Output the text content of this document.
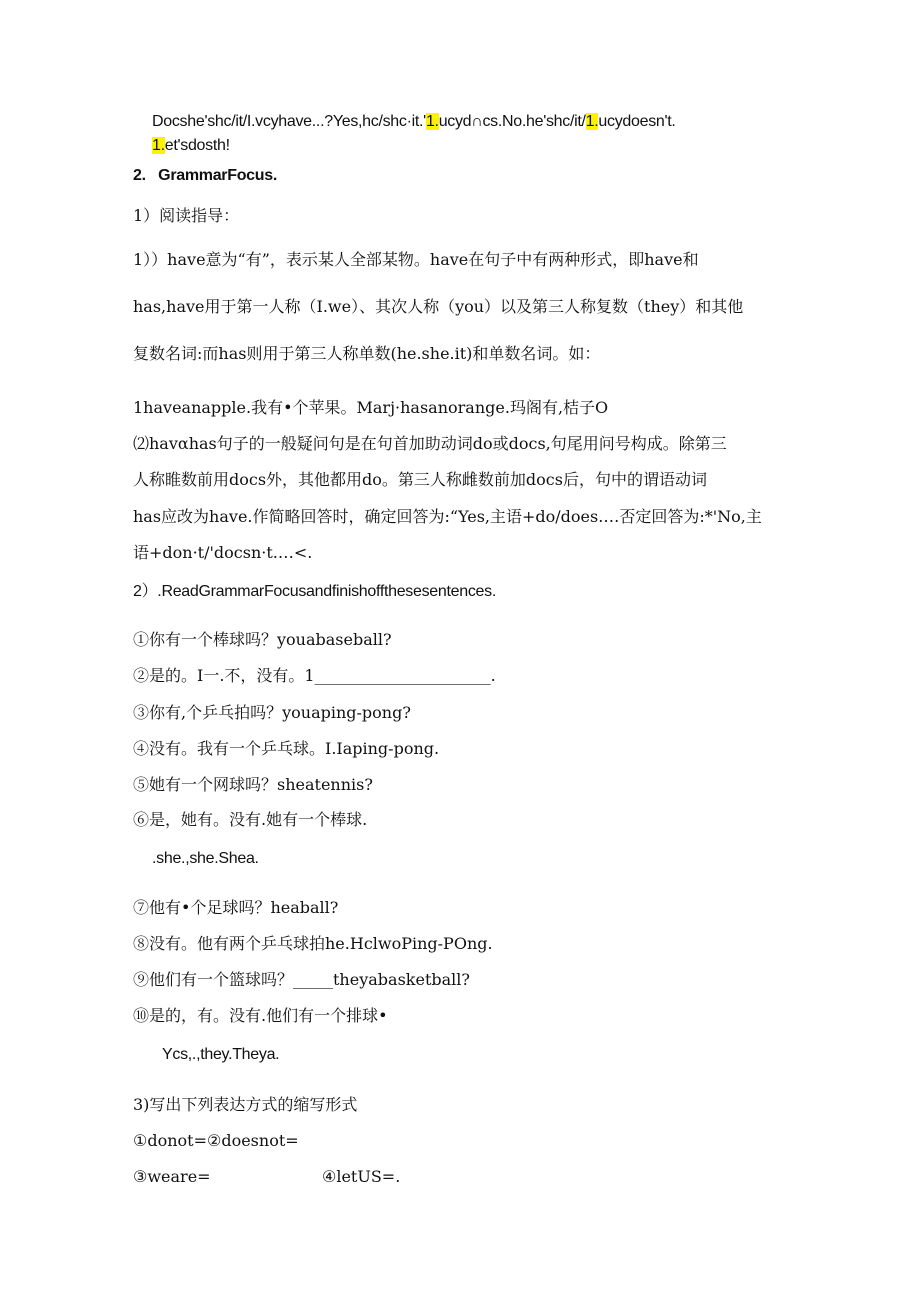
Docshe'shc/it/I.vcyhave...?Yes,hc/shc·it.'1.ucyd∩cs.No.he'shc/it/1.ucydoesn't.
1.et'sdosth!
2.   GrammarFocus.
1）阅读指导：
1））have意为“有”，表示某人全部某物。have在句子中有两种形式，即have和
has,have用于第一人称（I.we）、其次人称（you）以及第三人称复数（they）和其他
复数名词:而has则用于第三人称单数(he.she.it)和单数名词。如：
1haveanapple.我有•个苹果。Marj·hasanorange.玛阁有,桔子O
⑵havαhas句子的一般疑问句是在句首加助动词do或docs,句尾用问号构成。除第三
人称睢数前用docs外，其他都用do。第三人称雌数前加docs后，句中的谓语动词
has应改为have.作简略回答时，确定回答为:“Yes,主语+do∕does.…否定回答为:*'No,主
语+don·t/'docsn·t.…<.
2）.ReadGrammarFocusandfinishoffthesesentences.
①你有一个棒球吗？youabaseball?
②是的。I一.不，没有。1______________________.
③你有,个乒乓拍吗？youaping-pong?
④没有。我有一个乒乓球。I.Iaping-pong.
⑤她有一个网球吗？sheatennis?
⑥是，她有。没有.她有一个棒球.
.she.,she.Shea.
⑦他有•个足球吗？heaball?
⑧没有。他有两个乒乓球拍he.HclwoPing-POng.
⑨他们有一个篮球吗？_____theyabasketball?
⑩是的，有。没有.他们有一个排球•
Ycs,.,they.Theya.
3)写出下列表达方式的缩写形式
①donot=②doesnot=
③weare=	④letUS=.
